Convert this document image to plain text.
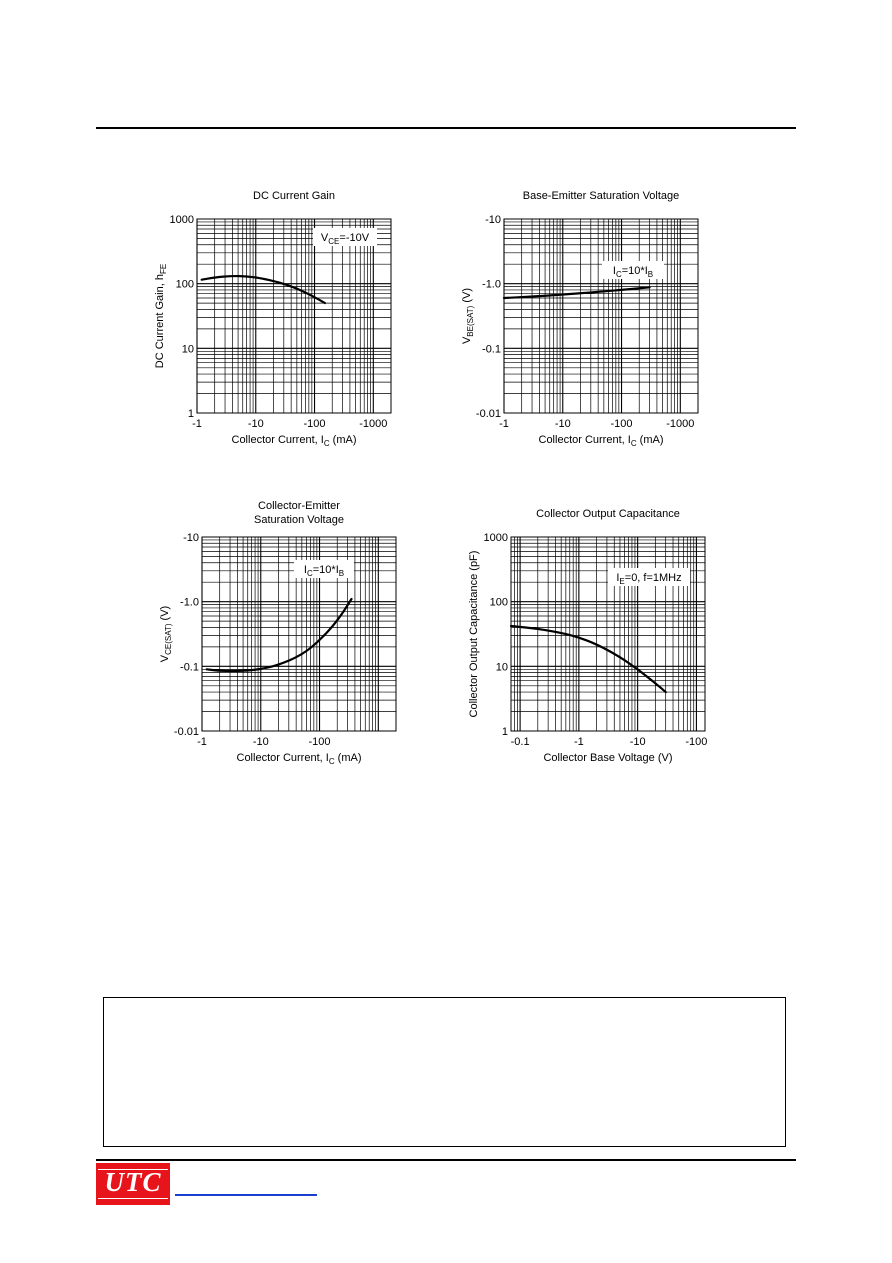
-1	-10	-100	-1000
1
10
100
1000
DC Current Gain
Collector Current, $I_C$ (mA)
DC Current Gain, $h_{FE}$
$V_{CE}=-10V$
-1	-10	-100	-1000
-0.01
-0.1
-1.0
-10
Base-Emitter Saturation Voltage
Collector Current, $I_C$ (mA)
$V_{BE(SAT)}$ (V)
$I_C=10*I_B$
-1	-10	-100
-0.01
-0.1
-1.0
-10
Collector-Emitter
Saturation Voltage
Collector Current, $I_C$ (mA)
$V_{CE(SAT)}$ (V)
$I_C=10*I_B$
-0.1	-1	-10	-100
1
10
100
1000
Collector Output Capacitance
Collector Base Voltage (V)
Collector Output Capacitance (pF)	$I_E=0$, f=1MHz
UTC
